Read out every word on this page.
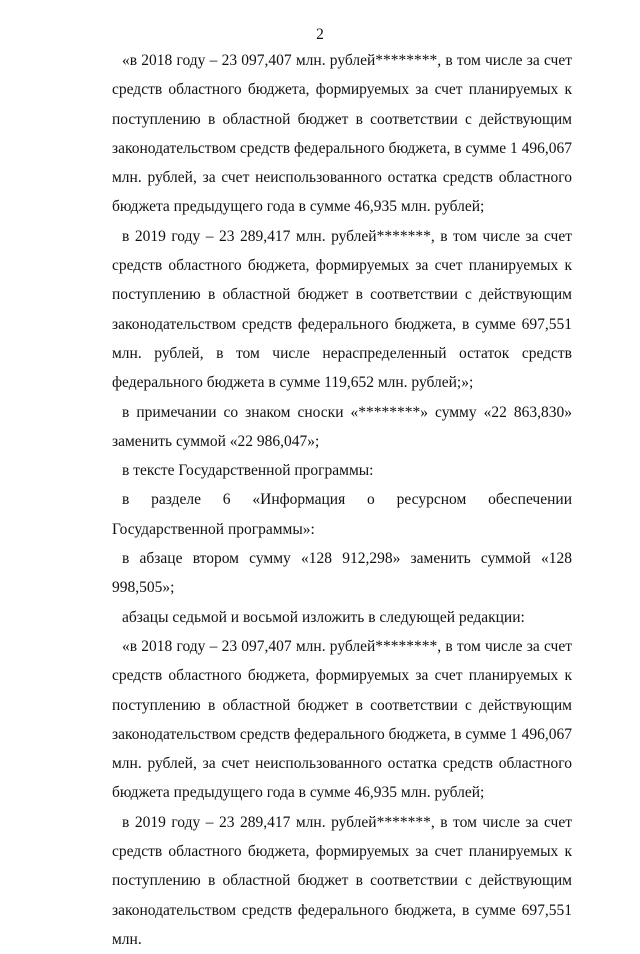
2

«в 2018 году – 23 097,407 млн. рублей********, в том числе за счет средств областного бюджета, формируемых за счет планируемых к поступлению в областной бюджет в соответствии с действующим законодательством средств федерального бюджета, в сумме 1 496,067 млн. рублей, за счет неиспользованного остатка средств областного бюджета предыдущего года в сумме 46,935 млн. рублей;

в 2019 году – 23 289,417 млн. рублей*******, в том числе за счет средств областного бюджета, формируемых за счет планируемых к поступлению в областной бюджет в соответствии с действующим законодательством средств федерального бюджета, в сумме 697,551 млн. рублей, в том числе нераспределенный остаток средств федерального бюджета в сумме 119,652 млн. рублей;»;

в примечании со знаком сноски «********» сумму «22 863,830» заменить суммой «22 986,047»;

в тексте Государственной программы:

в разделе 6 «Информация о ресурсном обеспечении Государственной программы»:

в абзаце втором сумму «128 912,298» заменить суммой «128 998,505»;

абзацы седьмой и восьмой изложить в следующей редакции:

«в 2018 году – 23 097,407 млн. рублей********, в том числе за счет средств областного бюджета, формируемых за счет планируемых к поступлению в областной бюджет в соответствии с действующим законодательством средств федерального бюджета, в сумме 1 496,067 млн. рублей, за счет неиспользованного остатка средств областного бюджета предыдущего года в сумме 46,935 млн. рублей;

в 2019 году – 23 289,417 млн. рублей*******, в том числе за счет средств областного бюджета, формируемых за счет планируемых к поступлению в областной бюджет в соответствии с действующим законодательством средств федерального бюджета, в сумме 697,551 млн.
